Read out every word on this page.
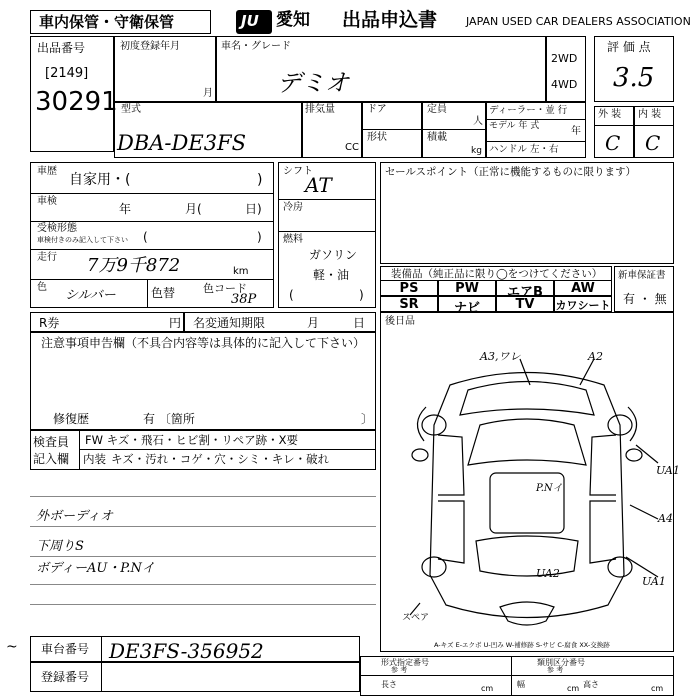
車内保管・守衛保管	JU 愛知 出品申込書	JAPAN USED CAR DEALERS ASSOCIATION
出品番号
[2149]
30291
初度登録年月
月
車名・グレード
デミオ
2WD
4WD
評 価 点
3.5
型式
DBA-DE3FS
排気量
CC
ドア
形状
定員
人
積載
kg
ディーラー・並 行
モデル 年 式	年
ハンドル 左・右
外 装
C
内 装
C
車歴
自家用・(	)
車検
年	月(	日)
受検形態
車検付きのみ記入して下さい (	)
走行 7万9千872	km
色
シルバー	色替	色コード
38P
シフト
AT
冷房
燃料
ガソリン
軽・油
(	)
セールスポイント（正常に機能するものに限ります）
装備品（純正品に限り◯をつけてください）
PS	PW	エアB	AW
SR	ナビ	TV	カワシート
新車保証書
有 ・ 無
R券	円 名変通知期限	月	日
注意事項申告欄（不具合内容等は具体的に記入して下さい）
修復歴	有 〔箇所	〕
検査員
記入欄
FW キズ・飛石・ヒビ割・リペア跡・X要
内装 キズ・汚れ・コゲ・穴・シミ・キレ・破れ
外ボーディオ
下周りS
ボディーAU・P.Nイ
後日品
A3,ワレ	A2
UA1
A4
P.Nイ
UA2
UA1
スペア
A-キズ E-エクボ U-凹み W-補修跡 S-サビ C-腐食 XX-交換跡
~ 車台番号 DE3FS-356952
登録番号
形式指定番号
参 考
類別区分番号
参 考
長さ	cm	幅	cm 高さ	cm
